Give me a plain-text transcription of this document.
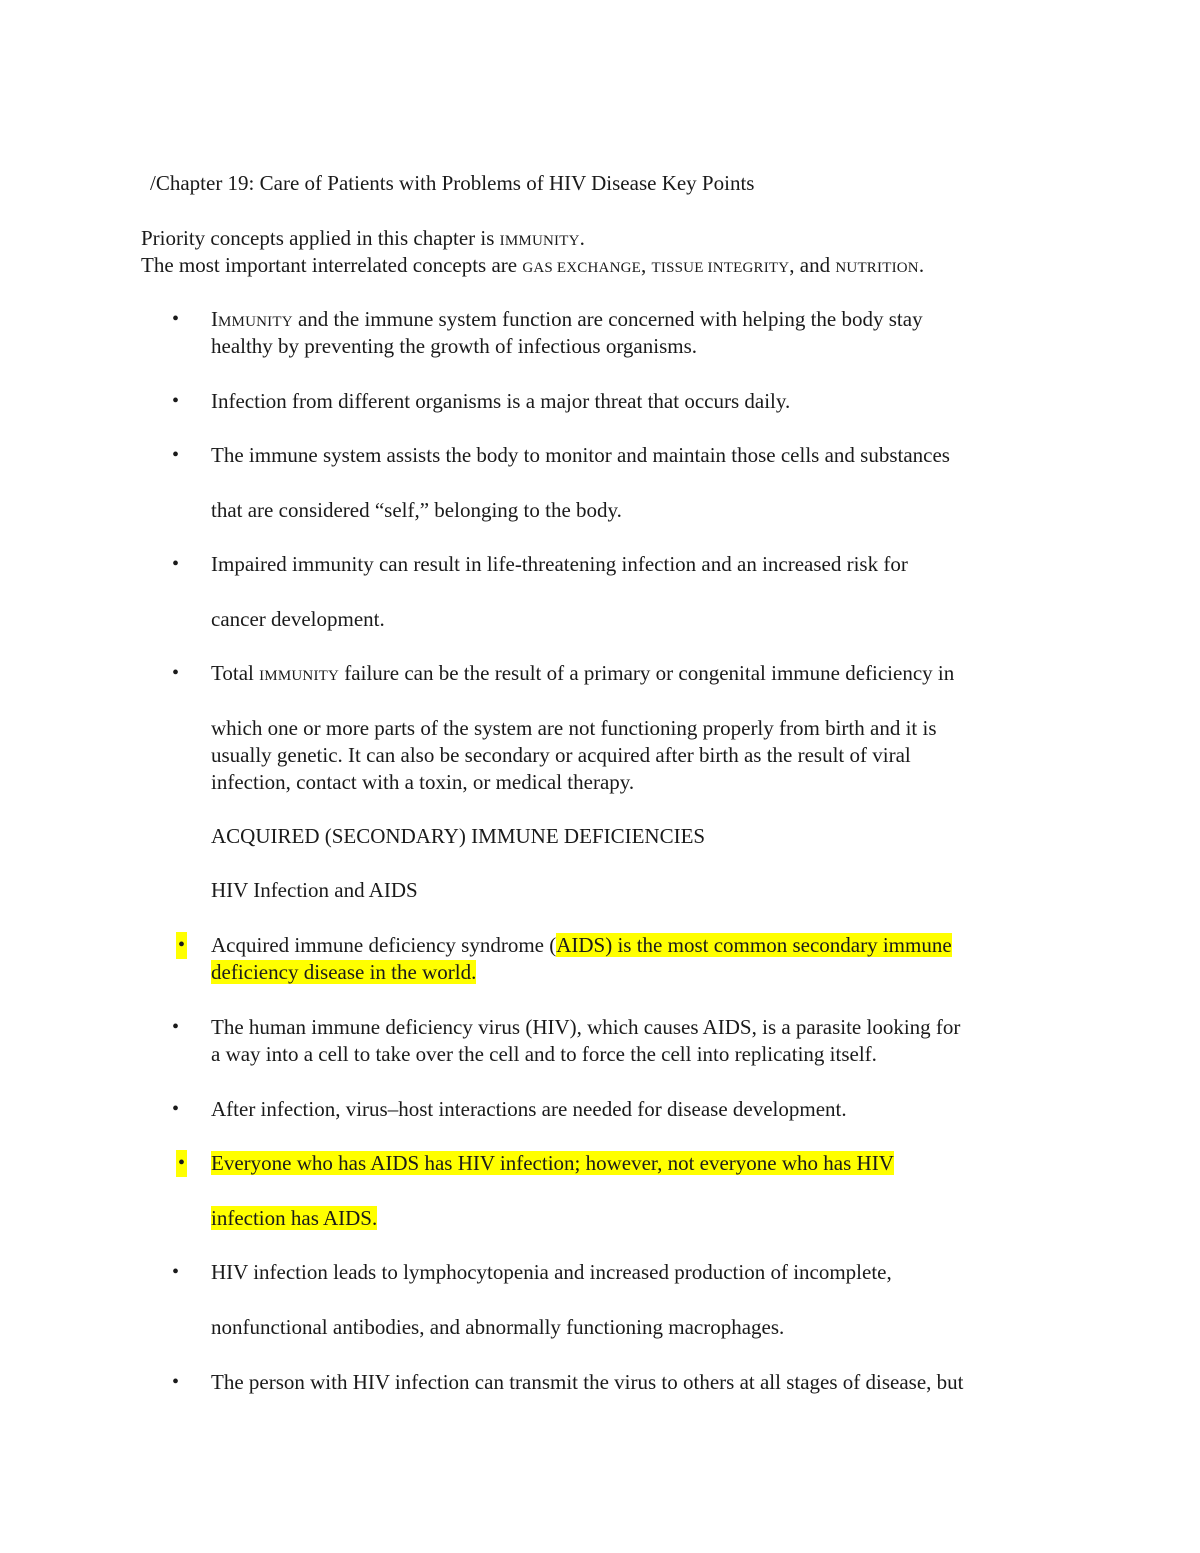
/Chapter 19: Care of Patients with Problems of HIV Disease Key Points
Priority concepts applied in this chapter is IMMUNITY.
The most important interrelated concepts are GAS EXCHANGE, TISSUE INTEGRITY, and NUTRITION.
• IMMUNITY and the immune system function are concerned with helping the body stay
healthy by preventing the growth of infectious organisms.
• Infection from different organisms is a major threat that occurs daily.
• The immune system assists the body to monitor and maintain those cells and substances
that are considered “self,” belonging to the body.
• Impaired immunity can result in life-threatening infection and an increased risk for
cancer development.
• Total IMMUNITY failure can be the result of a primary or congenital immune deficiency in
which one or more parts of the system are not functioning properly from birth and it is
usually genetic. It can also be secondary or acquired after birth as the result of viral
infection, contact with a toxin, or medical therapy.
ACQUIRED (SECONDARY) IMMUNE DEFICIENCIES
HIV Infection and AIDS
• Acquired immune deficiency syndrome (AIDS) is the most common secondary immune
deficiency disease in the world.
• The human immune deficiency virus (HIV), which causes AIDS, is a parasite looking for
a way into a cell to take over the cell and to force the cell into replicating itself.
• After infection, virus–host interactions are needed for disease development.
• Everyone who has AIDS has HIV infection; however, not everyone who has HIV
infection has AIDS.
• HIV infection leads to lymphocytopenia and increased production of incomplete,
nonfunctional antibodies, and abnormally functioning macrophages.
• The person with HIV infection can transmit the virus to others at all stages of disease, but
